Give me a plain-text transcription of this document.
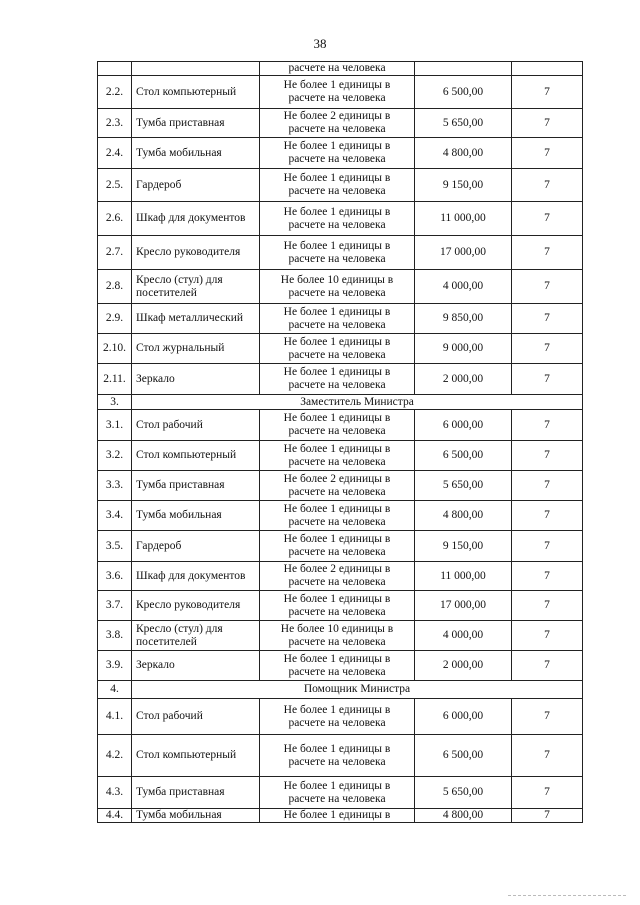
38
		расчете на человека		
2.2.	Стол компьютерный	Не более 1 единицы в расчете на человека	6 500,00	7
2.3.	Тумба приставная	Не более 2 единицы в расчете на человека	5 650,00	7
2.4.	Тумба мобильная	Не более 1 единицы в расчете на человека	4 800,00	7
2.5.	Гардероб	Не более 1 единицы в расчете на человека	9 150,00	7
2.6.	Шкаф для документов	Не более 1 единицы в расчете на человека	11 000,00	7
2.7.	Кресло руководителя	Не более 1 единицы в расчете на человека	17 000,00	7
2.8.	Кресло (стул) для посетителей	Не более 10 единицы в расчете на человека	4 000,00	7
2.9.	Шкаф металлический	Не более 1 единицы в расчете на человека	9 850,00	7
2.10.	Стол журнальный	Не более 1 единицы в расчете на человека	9 000,00	7
2.11.	Зеркало	Не более 1 единицы в расчете на человека	2 000,00	7
3.	Заместитель Министра			
3.1.	Стол рабочий	Не более 1 единицы в расчете на человека	6 000,00	7
3.2.	Стол компьютерный	Не более 1 единицы в расчете на человека	6 500,00	7
3.3.	Тумба приставная	Не более 2 единицы в расчете на человека	5 650,00	7
3.4.	Тумба мобильная	Не более 1 единицы в расчете на человека	4 800,00	7
3.5.	Гардероб	Не более 1 единицы в расчете на человека	9 150,00	7
3.6.	Шкаф для документов	Не более 2 единицы в расчете на человека	11 000,00	7
3.7.	Кресло руководителя	Не более 1 единицы в расчете на человека	17 000,00	7
3.8.	Кресло (стул) для посетителей	Не более 10 единицы в расчете на человека	4 000,00	7
3.9.	Зеркало	Не более 1 единицы в расчете на человека	2 000,00	7
4.	Помощник Министра			
4.1.	Стол рабочий	Не более 1 единицы в расчете на человека	6 000,00	7
4.2.	Стол компьютерный	Не более 1 единицы в расчете на человека	6 500,00	7
4.3.	Тумба приставная	Не более 1 единицы в расчете на человека	5 650,00	7
4.4.	Тумба мобильная	Не более 1 единицы в	4 800,00	7
